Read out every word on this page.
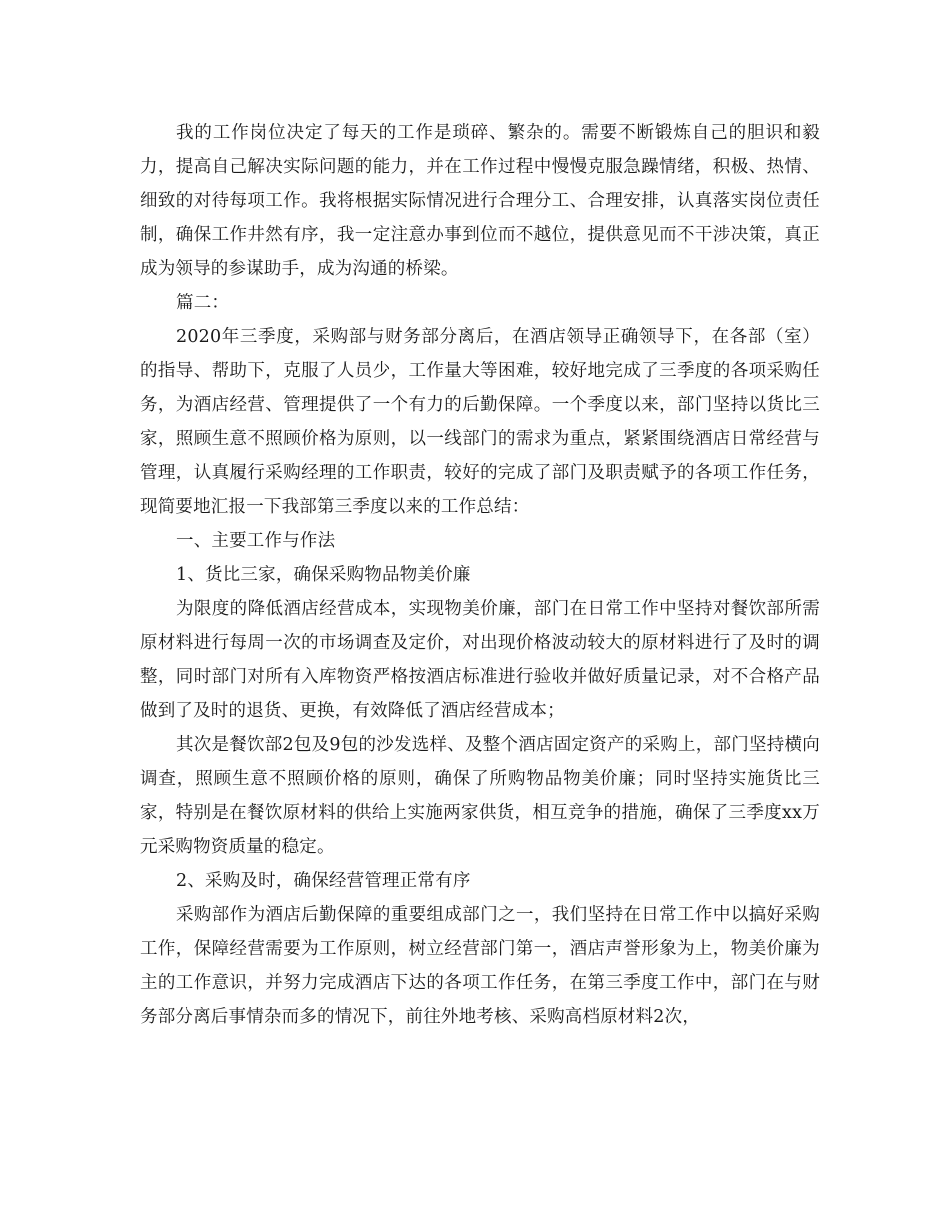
我的工作岗位决定了每天的工作是琐碎、繁杂的。需要不断锻炼自己的胆识和毅力，提高自己解决实际问题的能力，并在工作过程中慢慢克服急躁情绪，积极、热情、细致的对待每项工作。我将根据实际情况进行合理分工、合理安排，认真落实岗位责任制，确保工作井然有序，我一定注意办事到位而不越位，提供意见而不干涉决策，真正成为领导的参谋助手，成为沟通的桥梁。

篇二：

2020年三季度，采购部与财务部分离后，在酒店领导正确领导下，在各部（室）的指导、帮助下，克服了人员少，工作量大等困难，较好地完成了三季度的各项采购任务，为酒店经营、管理提供了一个有力的后勤保障。一个季度以来，部门坚持以货比三家，照顾生意不照顾价格为原则，以一线部门的需求为重点，紧紧围绕酒店日常经营与管理，认真履行采购经理的工作职责，较好的完成了部门及职责赋予的各项工作任务，现简要地汇报一下我部第三季度以来的工作总结：

一、主要工作与作法

1、货比三家，确保采购物品物美价廉

为限度的降低酒店经营成本，实现物美价廉，部门在日常工作中坚持对餐饮部所需原材料进行每周一次的市场调查及定价，对出现价格波动较大的原材料进行了及时的调整，同时部门对所有入库物资严格按酒店标准进行验收并做好质量记录，对不合格产品做到了及时的退货、更换，有效降低了酒店经营成本；

其次是餐饮部2包及9包的沙发选样、及整个酒店固定资产的采购上，部门坚持横向调查，照顾生意不照顾价格的原则，确保了所购物品物美价廉；同时坚持实施货比三家，特别是在餐饮原材料的供给上实施两家供货，相互竞争的措施，确保了三季度xx万元采购物资质量的稳定。

2、采购及时，确保经营管理正常有序

采购部作为酒店后勤保障的重要组成部门之一，我们坚持在日常工作中以搞好采购工作，保障经营需要为工作原则，树立经营部门第一，酒店声誉形象为上，物美价廉为主的工作意识，并努力完成酒店下达的各项工作任务，在第三季度工作中，部门在与财务部分离后事情杂而多的情况下，前往外地考核、采购高档原材料2次，
